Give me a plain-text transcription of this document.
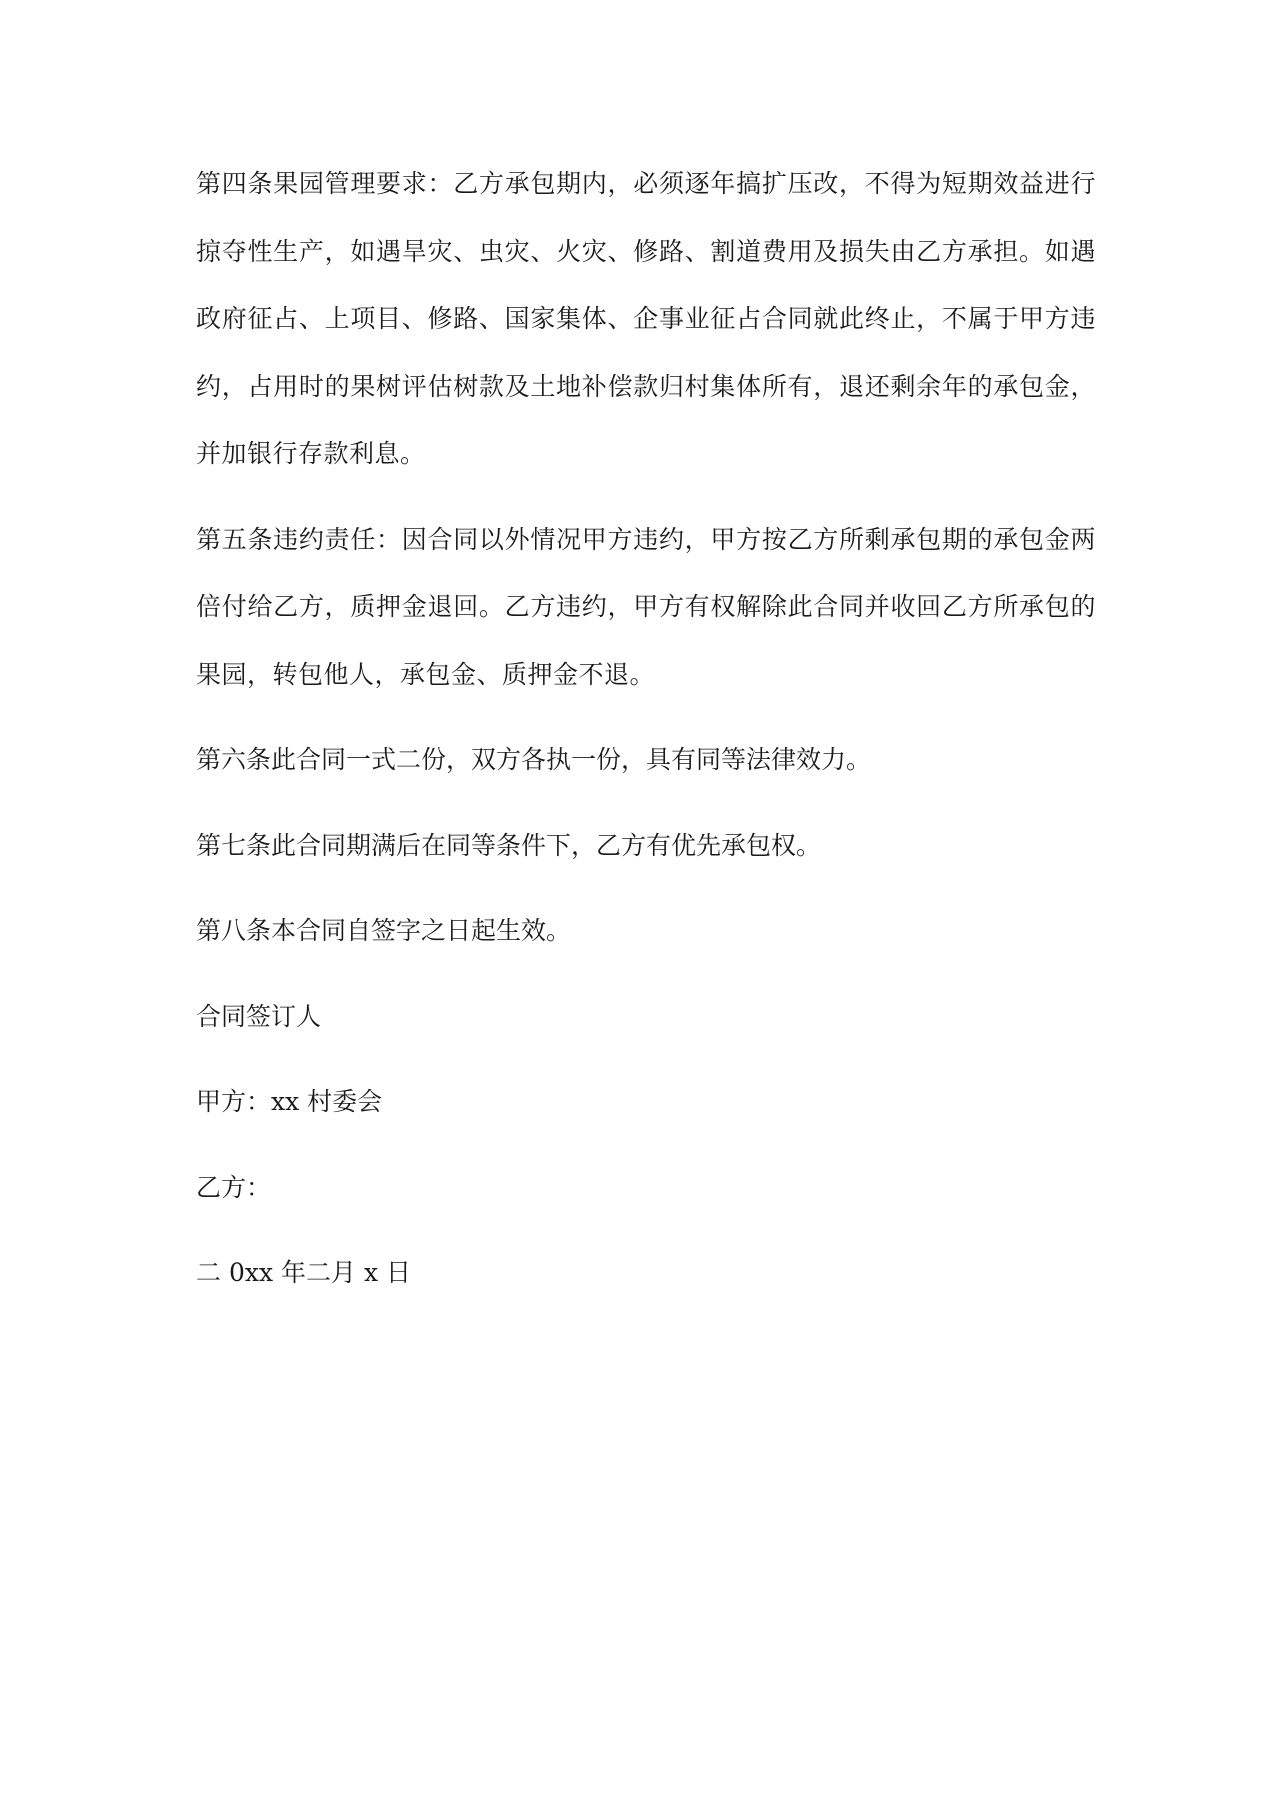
第四条果园管理要求：乙方承包期内，必须逐年搞扩压改，不得为短期效益进行掠夺性生产，如遇旱灾、虫灾、火灾、修路、割道费用及损失由乙方承担。如遇政府征占、上项目、修路、国家集体、企事业征占合同就此终止，不属于甲方违约，占用时的果树评估树款及土地补偿款归村集体所有，退还剩余年的承包金，并加银行存款利息。

第五条违约责任：因合同以外情况甲方违约，甲方按乙方所剩承包期的承包金两倍付给乙方，质押金退回。乙方违约，甲方有权解除此合同并收回乙方所承包的果园，转包他人，承包金、质押金不退。

第六条此合同一式二份，双方各执一份，具有同等法律效力。

第七条此合同期满后在同等条件下，乙方有优先承包权。

第八条本合同自签字之日起生效。

合同签订人

甲方：xx 村委会

乙方：

二 0xx 年二月 x 日
